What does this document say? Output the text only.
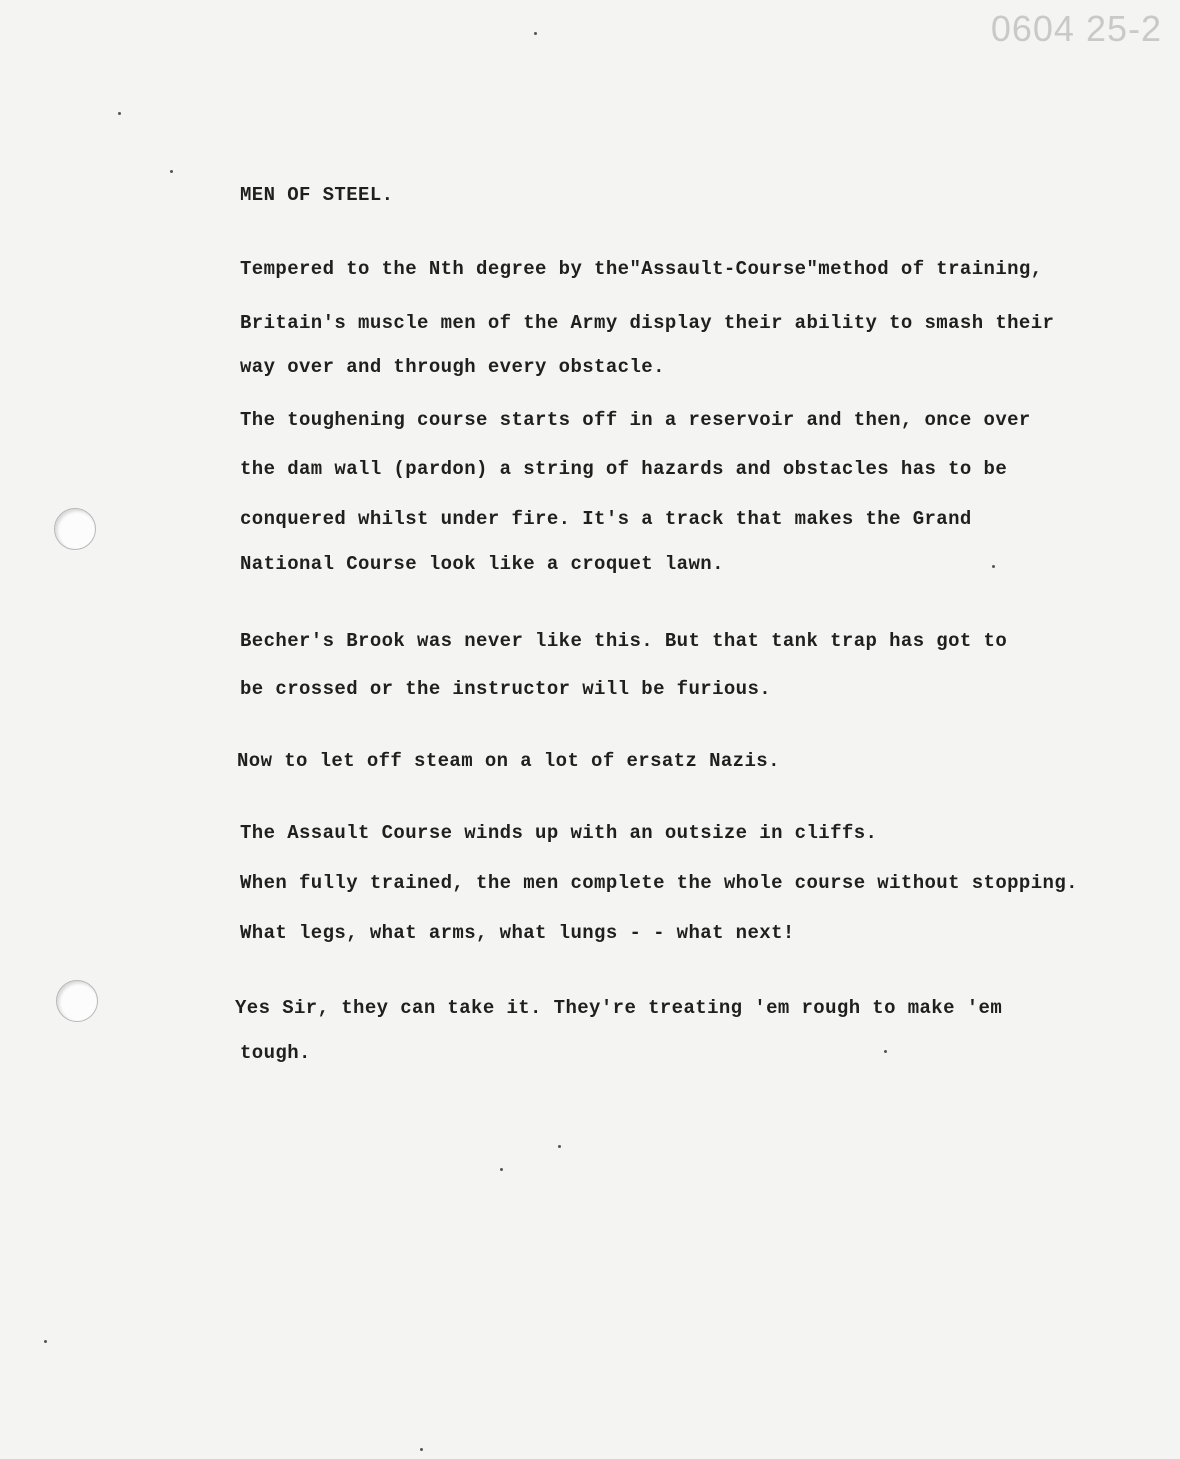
0604 25-2
MEN OF STEEL.
Tempered to the Nth degree by the"Assault-Course"method of training,
Britain's muscle men of the Army display their ability to smash their
way over and through every obstacle.
The toughening course starts off in a reservoir and then, once over
the dam wall (pardon) a string of hazards and obstacles has to be
conquered whilst under fire. It's a track that makes the Grand
National Course look like a croquet lawn.
Becher's Brook was never like this. But that tank trap has got to
be crossed or the instructor will be furious.
Now to let off steam on a lot of ersatz Nazis.
The Assault Course winds up with an outsize in cliffs.
When fully trained, the men complete the whole course without stopping.
What legs, what arms, what lungs - - what next!
Yes Sir, they can take it. They're treating 'em rough to make 'em
tough.
